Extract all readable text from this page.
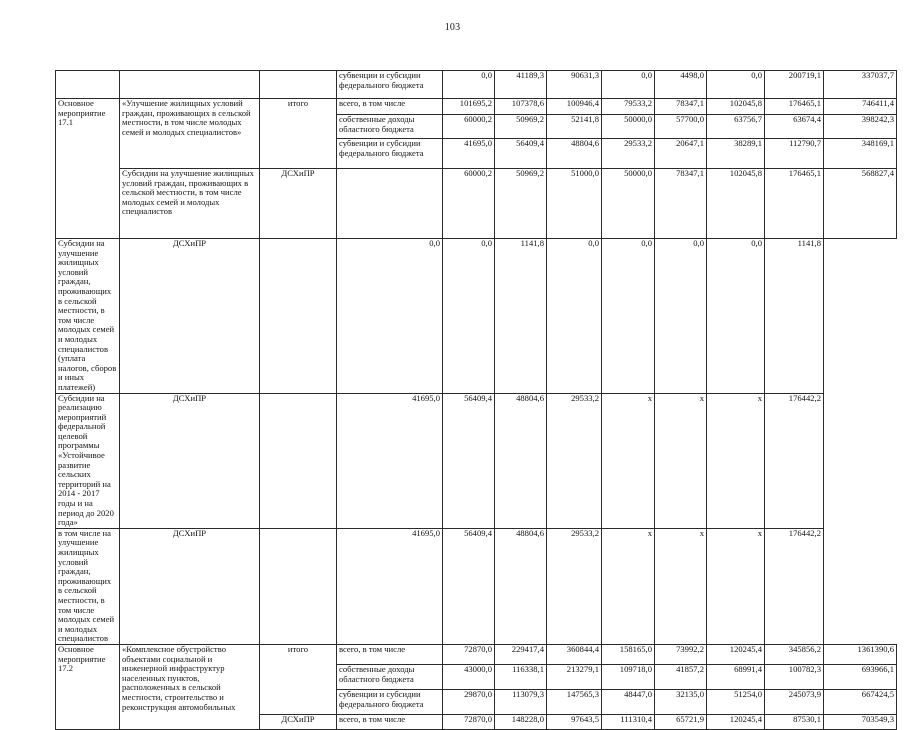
103
			субвенции и субсидии федерального бюджета	0,0	41189,3	90631,3	0,0	4498,0	0,0	200719,1	337037,7
Основное мероприятие 17.1	«Улучшение жилищных условий граждан, проживающих в сельской местности, в том числе молодых семей и молодых специалистов»	итого	всего, в том числе	101695,2	107378,6	100946,4	79533,2	78347,1	102045,8	176465,1	746411,4
			собственные доходы областного бюджета	60000,2	50969,2	52141,8	50000,0	57700,0	63756,7	63674,4	398242,3
			субвенции и субсидии федерального бюджета	41695,0	56409,4	48804,6	29533,2	20647,1	38289,1	112790,7	348169,1
	Субсидии на улучшение жилищных условий граждан, проживающих в сельской местности, в том числе молодых семей и молодых специалистов	ДСХиПР		60000,2	50969,2	51000,0	50000,0	78347,1	102045,8	176465,1	568827,4
Субсидии на улучшение жилищных условий граждан, проживающих в сельской местности, в том числе молодых семей и молодых специалистов (уплата налогов, сборов и иных платежей)	ДСХиПР		0,0	0,0	1141,8	0,0	0,0	0,0	0,0	1141,8	
Субсидии на реализацию мероприятий федеральной целевой программы «Устойчивое развитие сельских территорий на 2014 - 2017 годы и на период до 2020 года»	ДСХиПР		41695,0	56409,4	48804,6	29533,2	x	x	x	176442,2	
в том числе на улучшение жилищных условий граждан, проживающих в сельской местности, в том числе молодых семей и молодых специалистов	ДСХиПР		41695,0	56409,4	48804,6	29533,2	x	x	x	176442,2	
Основное мероприятие 17.2	«Комплексное обустройство объектами социальной и инженерной инфраструктур населенных пунктов, расположенных в сельской местности, строительство и реконструкция автомобильных	итого	всего, в том числе	72870,0	229417,4	360844,4	158165,0	73992,2	120245,4	345856,2	1361390,6
			собственные доходы областного бюджета	43000,0	116338,1	213279,1	109718,0	41857,2	68991,4	100782,3	693966,1
			субвенции и субсидии федерального бюджета	29870,0	113079,3	147565,3	48447,0	32135,0	51254,0	245073,9	667424,5
		ДСХиПР	всего, в том числе	72870,0	148228,0	97643,5	111310,4	65721,9	120245,4	87530,1	703549,3
